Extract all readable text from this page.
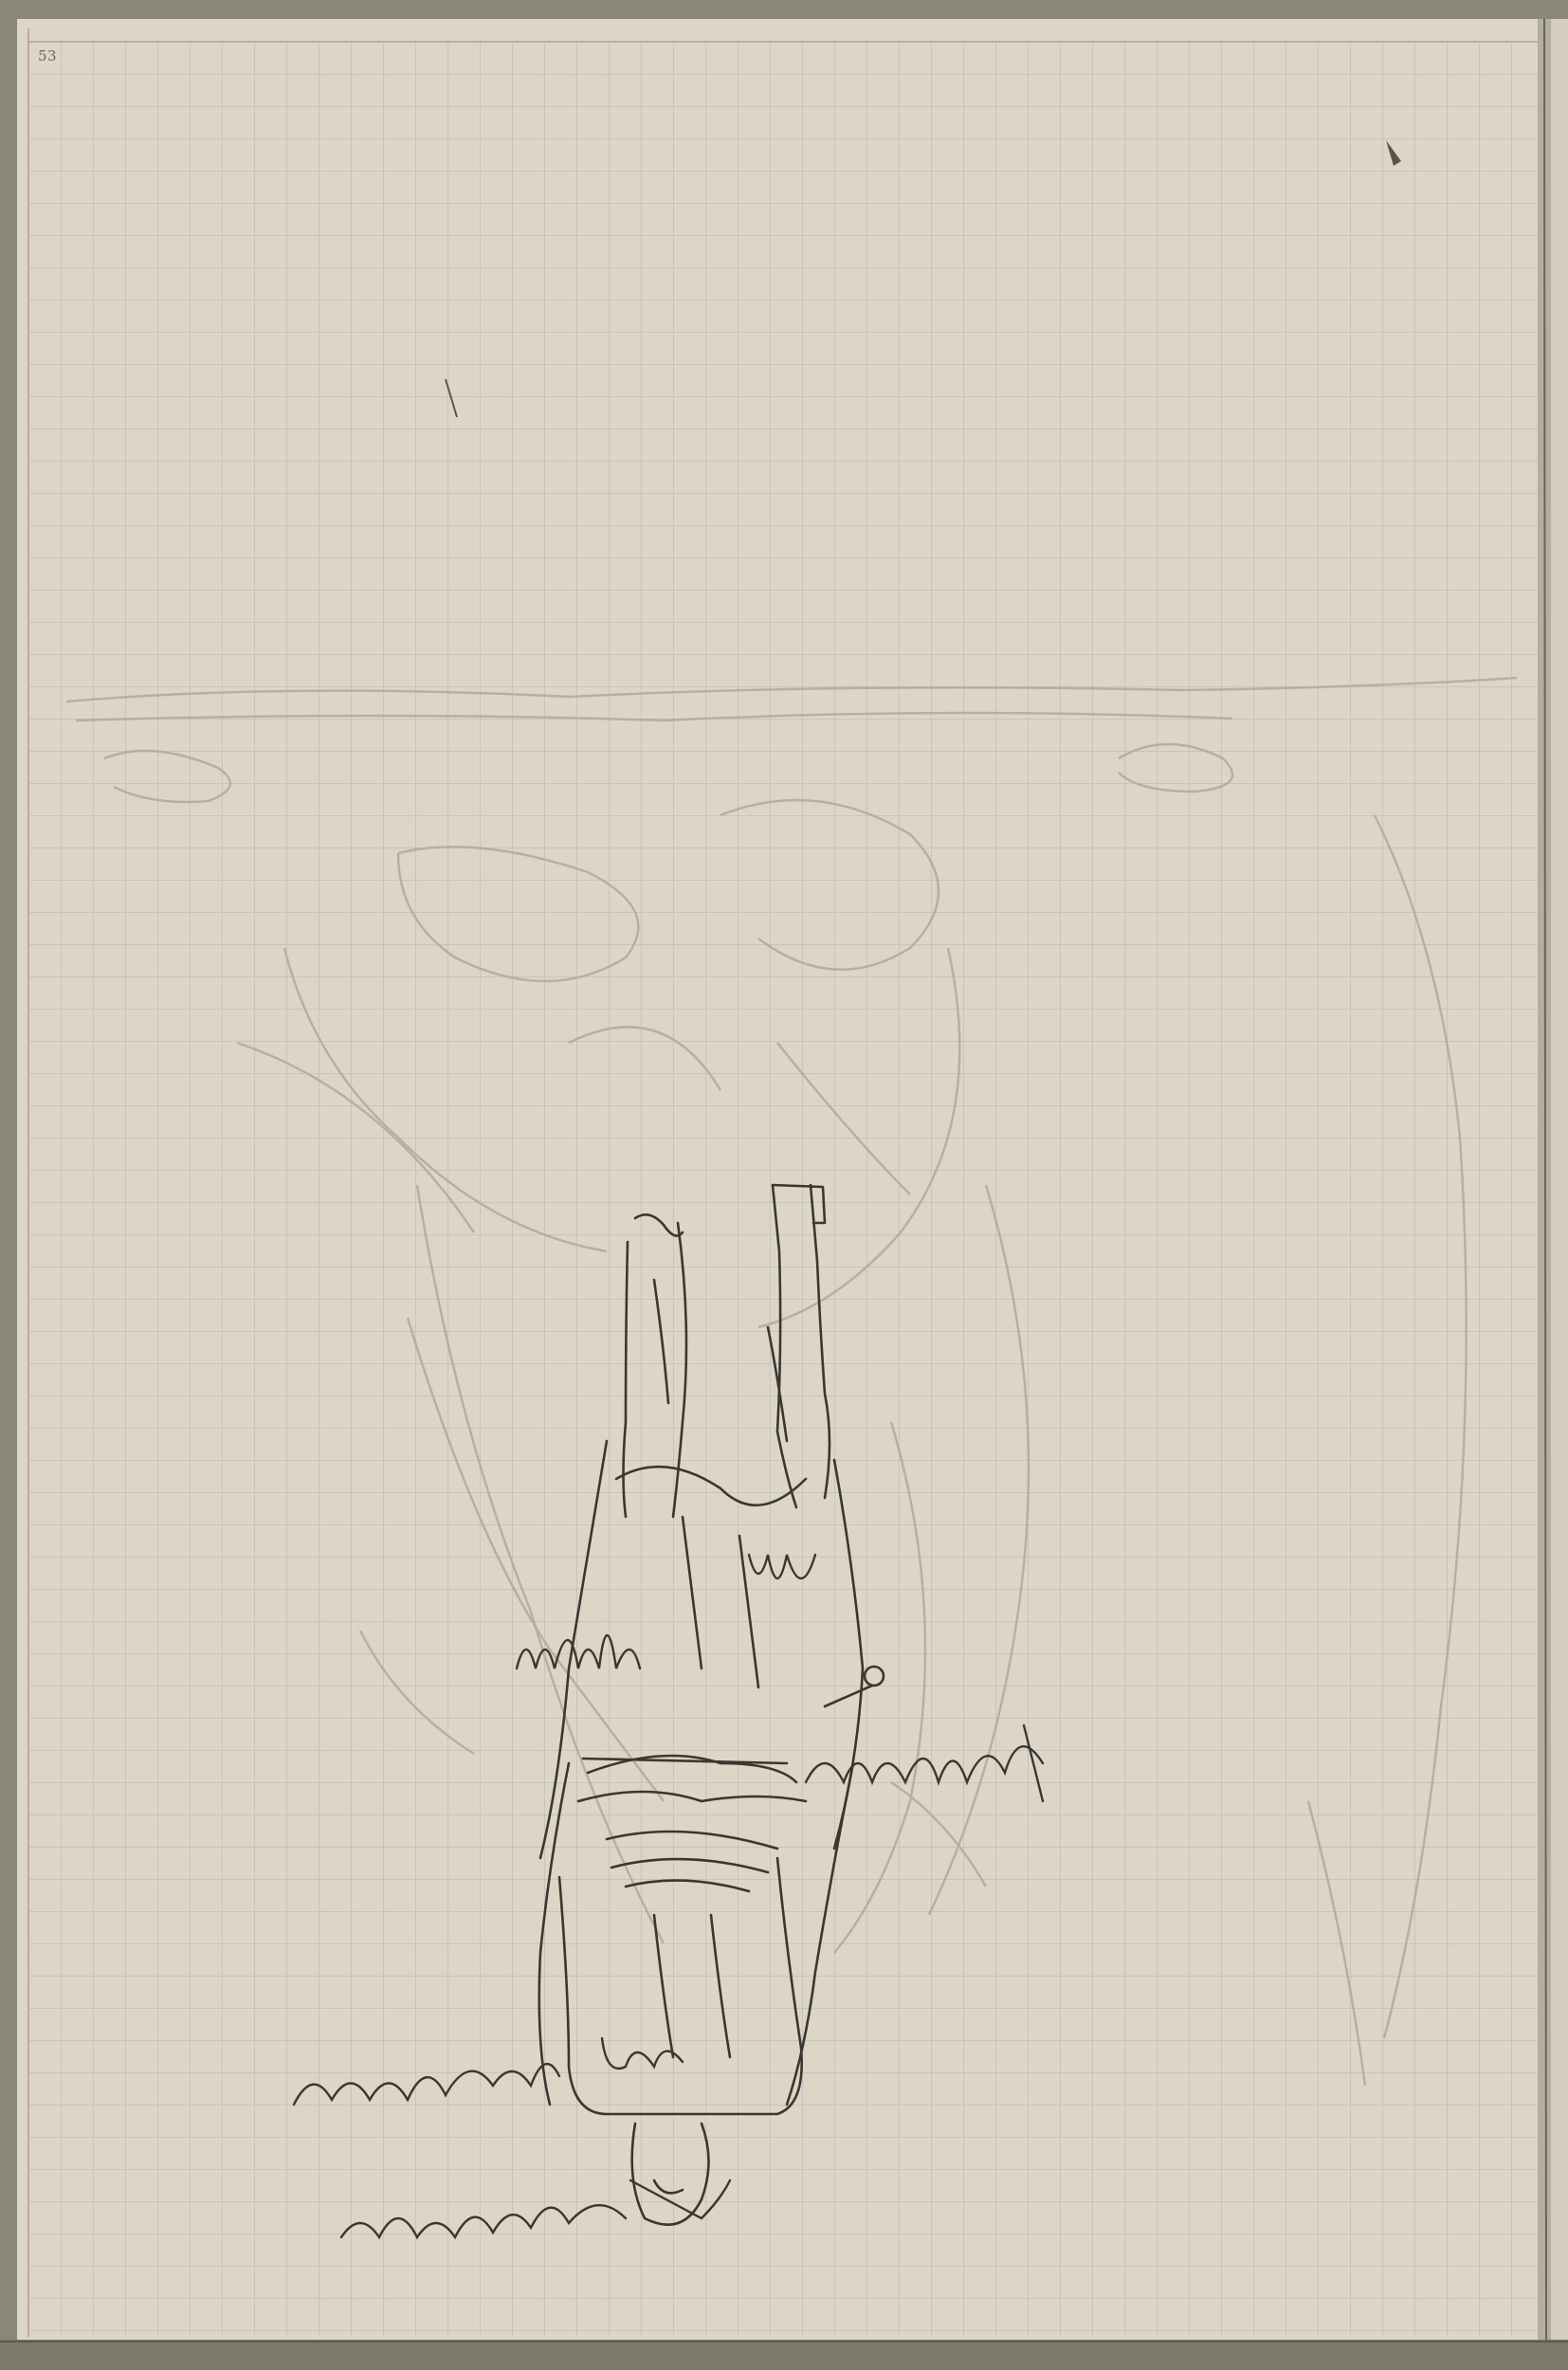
53
